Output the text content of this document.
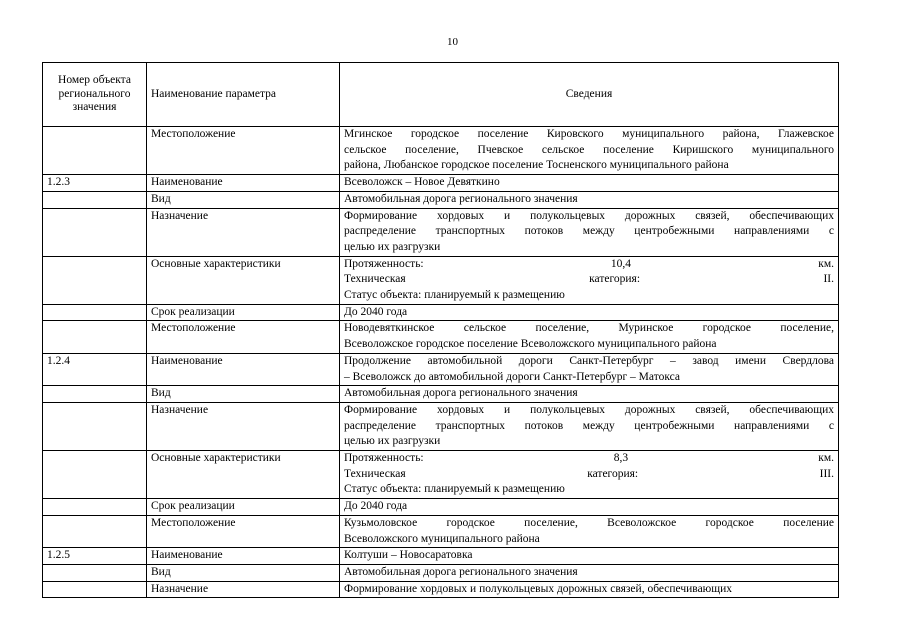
10
Номер объекта регионального значения	Наименование параметра	Сведения
	Местоположение	Мгинское городское поселение Кировского муниципального района, Глажевское
сельское поселение, Пчевское сельское поселение Киришского муниципального
района, Любанское городское поселение Тосненского муниципального района

1.2.3	Наименование	Всеволожск – Новое Девяткино

	Вид	Автомобильная дорога регионального значения

	Назначение	Формирование хордовых и полукольцевых дорожных связей, обеспечивающих
распределение транспортных потоков между центробежными направлениями с
целью их разгрузки

	Основные характеристики	Протяженность: 10,4 км.
Техническая категория: II.
Статус объекта: планируемый к размещению

	Срок реализации	До 2040 года

	Местоположение	Новодевяткинское сельское поселение, Муринское городское поселение,
Всеволожское городское поселение Всеволожского муниципального района

1.2.4	Наименование	Продолжение автомобильной дороги Санкт-Петербург – завод имени Свердлова
– Всеволожск до автомобильной дороги Санкт-Петербург – Матокса

	Вид	Автомобильная дорога регионального значения

	Назначение	Формирование хордовых и полукольцевых дорожных связей, обеспечивающих
распределение транспортных потоков между центробежными направлениями с
целью их разгрузки

	Основные характеристики	Протяженность: 8,3 км.
Техническая категория: III.
Статус объекта: планируемый к размещению

	Срок реализации	До 2040 года

	Местоположение	Кузьмоловское городское поселение, Всеволожское городское поселение
Всеволожского муниципального района

1.2.5	Наименование	Колтуши – Новосаратовка

	Вид	Автомобильная дорога регионального значения

	Назначение	Формирование хордовых и полукольцевых дорожных связей, обеспечивающих
